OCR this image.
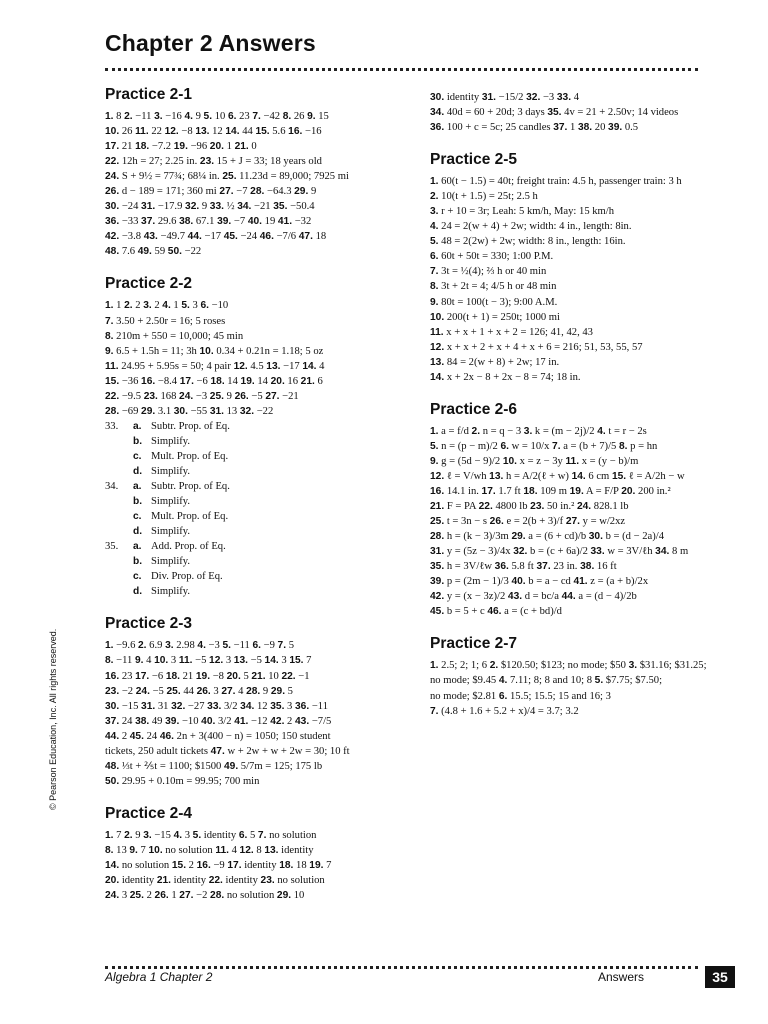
Chapter 2 Answers
Practice 2-1
1. 8 2. −11 3. −16 4. 9 5. 10 6. 23 7. −42 8. 26 9. 15
10. 26 11. 22 12. −8 13. 12 14. 44 15. 5.6 16. −16
17. 21 18. −7.2 19. −96 20. 1 21. 0
22. 12h = 27; 2.25 in. 23. 15 + J = 33; 18 years old
24. S + 9½ = 77¾; 68¼ in. 25. 11.23d = 89,000; 7925 mi
26. d − 189 = 171; 360 mi 27. −7 28. −64.3 29. 9
30. −24 31. −17.9 32. 9 33. ½ 34. −21 35. −50.4
36. −33 37. 29.6 38. 67.1 39. −7 40. 19 41. −32
42. −3.8 43. −49.7 44. −17 45. −24 46. −7/6 47. 18
48. 7.6 49. 59 50. −22
Practice 2-2
1. 1 2. 2 3. 2 4. 1 5. 3 6. −10
7. 3.50 + 2.50r = 16; 5 roses
8. 210m + 550 = 10,000; 45 min
9. 6.5 + 1.5h = 11; 3h 10. 0.34 + 0.21n = 1.18; 5 oz
11. 24.95 + 5.95s = 50; 4 pair 12. 4.5 13. −17 14. 4
15. −36 16. −8.4 17. −6 18. 14 19. 14 20. 16 21. 6
22. −9.5 23. 168 24. −3 25. 9 26. −5 27. −21
28. −69 29. 3.1 30. −55 31. 13 32. −22
33. a. Subtr. Prop. of Eq.
b. Simplify.
c. Mult. Prop. of Eq.
d. Simplify.
34. a. Subtr. Prop. of Eq.
b. Simplify.
c. Mult. Prop. of Eq.
d. Simplify.
35. a. Add. Prop. of Eq.
b. Simplify.
c. Div. Prop. of Eq.
d. Simplify.
Practice 2-3
1. −9.6 2. 6.9 3. 2.98 4. −3 5. −11 6. −9 7. 5
8. −11 9. 4 10. 3 11. −5 12. 3 13. −5 14. 3 15. 7
16. 23 17. −6 18. 21 19. −8 20. 5 21. 10 22. −1
23. −2 24. −5 25. 44 26. 3 27. 4 28. 9 29. 5
30. −15 31. 31 32. −27 33. 3/2 34. 12 35. 3 36. −11
37. 24 38. 49 39. −10 40. 3/2 41. −12 42. 2 43. −7/5
44. 2 45. 24 46. 2n + 3(400 − n) = 1050; 150 student
tickets, 250 adult tickets 47. w + 2w + w + 2w = 30; 10 ft
48. ⅓t + ⅖t = 1100; $1500 49. 5/7m = 125; 175 lb
50. 29.95 + 0.10m = 99.95; 700 min
Practice 2-4
1. 7 2. 9 3. −15 4. 3 5. identity 6. 5 7. no solution
8. 13 9. 7 10. no solution 11. 4 12. 8 13. identity
14. no solution 15. 2 16. −9 17. identity 18. 18 19. 7
20. identity 21. identity 22. identity 23. no solution
24. 3 25. 2 26. 1 27. −2 28. no solution 29. 10
30. identity 31. −15/2 32. −3 33. 4
34. 40d = 60 + 20d; 3 days 35. 4v = 21 + 2.50v; 14 videos
36. 100 + c = 5c; 25 candles 37. 1 38. 20 39. 0.5
Practice 2-5
1. 60(t − 1.5) = 40t; freight train: 4.5 h, passenger train: 3 h
2. 10(t + 1.5) = 25t; 2.5 h
3. r + 10 = 3r; Leah: 5 km/h, May: 15 km/h
4. 24 = 2(w + 4) + 2w; width: 4 in., length: 8in.
5. 48 = 2(2w) + 2w; width: 8 in., length: 16in.
6. 60t + 50t = 330; 1:00 P.M.
7. 3t = ½(4); ⅔ h or 40 min
8. 3t + 2t = 4; 4/5 h or 48 min
9. 80t = 100(t − 3); 9:00 A.M.
10. 200(t + 1) = 250t; 1000 mi
11. x + x + 1 + x + 2 = 126; 41, 42, 43
12. x + x + 2 + x + 4 + x + 6 = 216; 51, 53, 55, 57
13. 84 = 2(w + 8) + 2w; 17 in.
14. x + 2x − 8 + 2x − 8 = 74; 18 in.
Practice 2-6
1. a = f/d 2. n = q − 3 3. k = (m − 2j)/2 4. t = r − 2s
5. n = (p − m)/2 6. w = 10/x 7. a = (b + 7)/5 8. p = hn
9. g = (5d − 9)/2 10. x = z − 3y 11. x = (y − b)/m
12. ℓ = V/wh 13. h = A/2(ℓ + w) 14. 6 cm 15. ℓ = A/2h − w
16. 14.1 in. 17. 1.7 ft 18. 109 m 19. A = F/P 20. 200 in.²
21. F = PA 22. 4800 lb 23. 50 in.² 24. 828.1 lb
25. t = 3n − s 26. e = 2(b + 3)/f 27. y = w/2xz
28. h = (k − 3)/3m 29. a = (6 + cd)/b 30. b = (d − 2a)/4
31. y = (5z − 3)/4x 32. b = (c + 6a)/2 33. w = 3V/ℓh 34. 8 m
35. h = 3V/ℓw 36. 5.8 ft 37. 23 in. 38. 16 ft
39. p = (2m − 1)/3 40. b = a − cd 41. z = (a + b)/2x
42. y = (x − 3z)/2 43. d = bc/a 44. a = (d − 4)/2b
45. b = 5 + c 46. a = (c + bd)/d
Practice 2-7
1. 2.5; 2; 1; 6 2. $120.50; $123; no mode; $50 3. $31.16; $31.25;
no mode; $9.45 4. 7.11; 8; 8 and 10; 8 5. $7.75; $7.50;
no mode; $2.81 6. 15.5; 15.5; 15 and 16; 3
7. (4.8 + 1.6 + 5.2 + x)/4 = 3.7; 3.2
© Pearson Education, Inc. All rights reserved.
Algebra 1 Chapter 2	Answers	35
